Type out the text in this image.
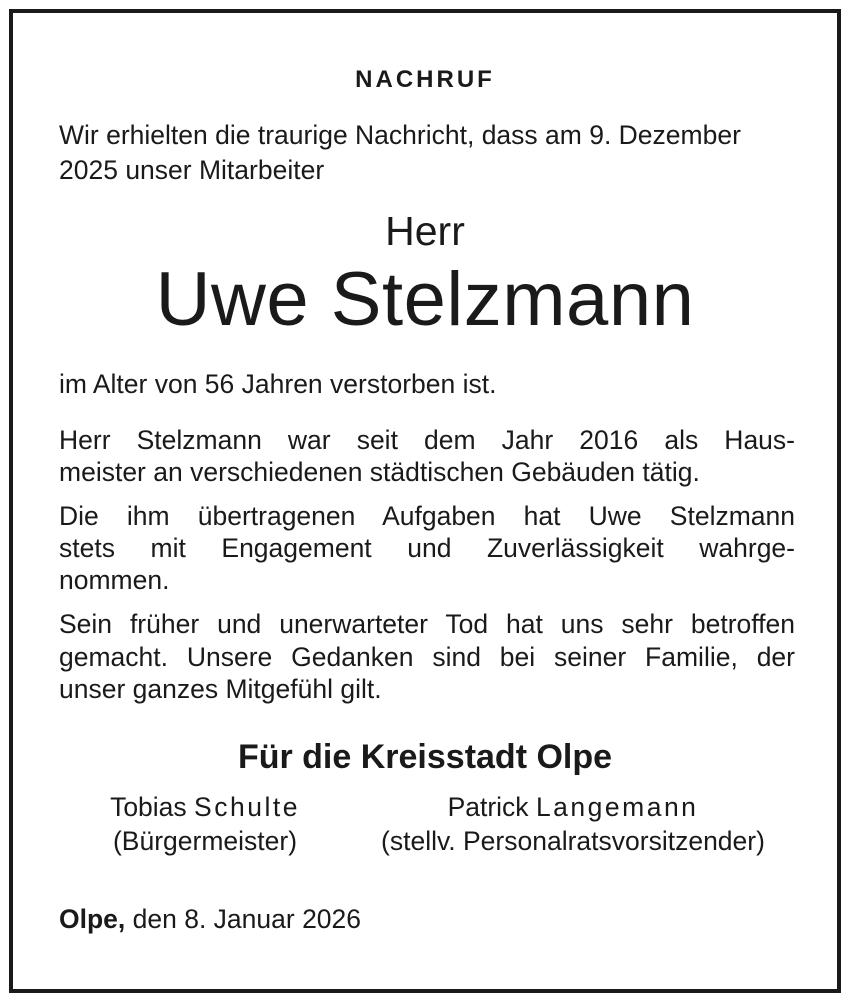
NACHRUF
Wir erhielten die traurige Nachricht, dass am 9. Dezember
2025 unser Mitarbeiter
Herr
Uwe Stelzmann
im Alter von 56 Jahren verstorben ist.
Herr Stelzmann war seit dem Jahr 2016 als Haus-
meister an verschiedenen städtischen Gebäuden tätig.
Die ihm übertragenen Aufgaben hat Uwe Stelzmann
stets mit Engagement und Zuverlässigkeit wahrge-
nommen.
Sein früher und unerwarteter Tod hat uns sehr betroffen
gemacht. Unsere Gedanken sind bei seiner Familie, der
unser ganzes Mitgefühl gilt.
Für die Kreisstadt Olpe
Tobias Schulte
(Bürgermeister)
Patrick Langemann
(stellv. Personalratsvorsitzender)
Olpe, den 8. Januar 2026
